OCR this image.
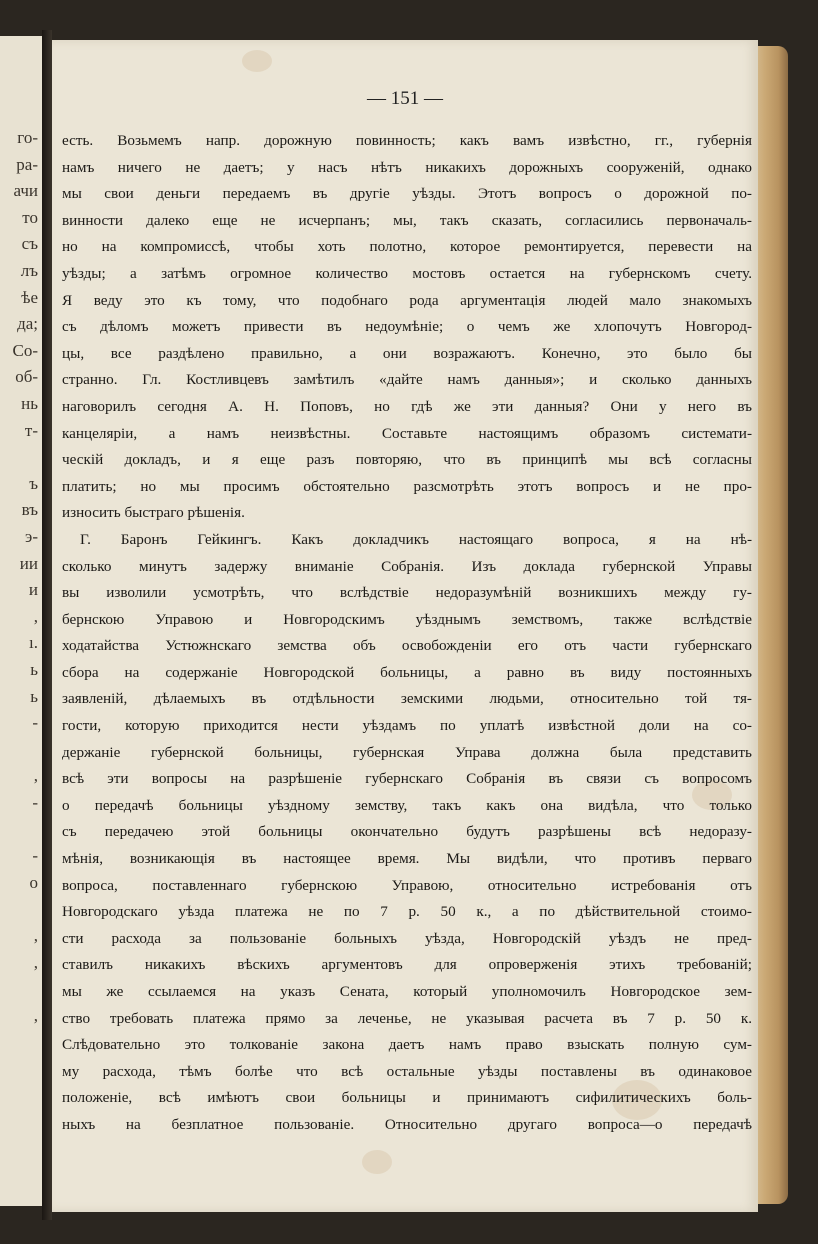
го-
ра-
ачи
то
съ
лъ
ѣе
да;
Со-
об-
нь
т-
ъ
въ
э-
ии
и
,
ı.
ь
ь
-
,
-
-
о
,
,
,
— 151 —
есть. Возьмемъ напр. дорожную повинность; какъ вамъ извѣстно, гг., губернія
намъ ничего не даетъ; у насъ нѣтъ никакихъ дорожныхъ сооруженій, однако
мы свои деньги передаемъ въ другіе уѣзды. Этотъ вопросъ о дорожной по-
винности далеко еще не исчерпанъ; мы, такъ сказать, согласились первоначаль-
но на компромиссѣ, чтобы хоть полотно, которое ремонтируется, перевести на
уѣзды; а затѣмъ огромное количество мостовъ остается на губернскомъ счету.
Я веду это къ тому, что подобнаго рода аргументація людей мало знакомыхъ
съ дѣломъ можетъ привести въ недоумѣніе; о чемъ же хлопочутъ Новгород-
цы, все раздѣлено правильно, а они возражаютъ. Конечно, это было бы
странно. Гл. Костливцевъ замѣтилъ «дайте намъ данныя»; и сколько данныхъ
наговорилъ сегодня А. Н. Поповъ, но гдѣ же эти данныя? Они у него въ
канцеляріи, а намъ неизвѣстны. Составьте настоящимъ образомъ системати-
ческій докладъ, и я еще разъ повторяю, что въ принципѣ мы всѣ согласны
платить; но мы просимъ обстоятельно разсмотрѣть этотъ вопросъ и не про-
износить быстраго рѣшенія.
Г. Баронъ Гейкингъ. Какъ докладчикъ настоящаго вопроса, я на нѣ-
сколько минутъ задержу вниманіе Собранія. Изъ доклада губернской Управы
вы изволили усмотрѣть, что вслѣдствіе недоразумѣній возникшихъ между гу-
бернскою Управою и Новгородскимъ уѣзднымъ земствомъ, также вслѣдствіе
ходатайства Устюжнскаго земства объ освобожденіи его отъ части губернскаго
сбора на содержаніе Новгородской больницы, а равно въ виду постоянныхъ
заявленій, дѣлаемыхъ въ отдѣльности земскими людьми, относительно той тя-
гости, которую приходится нести уѣздамъ по уплатѣ извѣстной доли на со-
держаніе губернской больницы, губернская Управа должна была представить
всѣ эти вопросы на разрѣшеніе губернскаго Собранія въ связи съ вопросомъ
о передачѣ больницы уѣздному земству, такъ какъ она видѣла, что только
съ передачею этой больницы окончательно будутъ разрѣшены всѣ недоразу-
мѣнія, возникающія въ настоящее время. Мы видѣли, что противъ перваго
вопроса, поставленнаго губернскою Управою, относительно истребованія отъ
Новгородскаго уѣзда платежа не по 7 р. 50 к., а по дѣйствительной стоимо-
сти расхода за пользованіе больныхъ уѣзда, Новгородскій уѣздъ не пред-
ставилъ никакихъ вѣскихъ аргументовъ для опроверженія этихъ требованій;
мы же ссылаемся на указъ Сената, который уполномочилъ Новгородское зем-
ство требовать платежа прямо за леченье, не указывая расчета въ 7 р. 50 к.
Слѣдовательно это толкованіе закона даетъ намъ право взыскать полную сум-
му расхода, тѣмъ болѣе что всѣ остальные уѣзды поставлены въ одинаковое
положеніе, всѣ имѣютъ свои больницы и принимаютъ сифилитическихъ боль-
ныхъ на безплатное пользованіе. Относительно другаго вопроса—о передачѣ
